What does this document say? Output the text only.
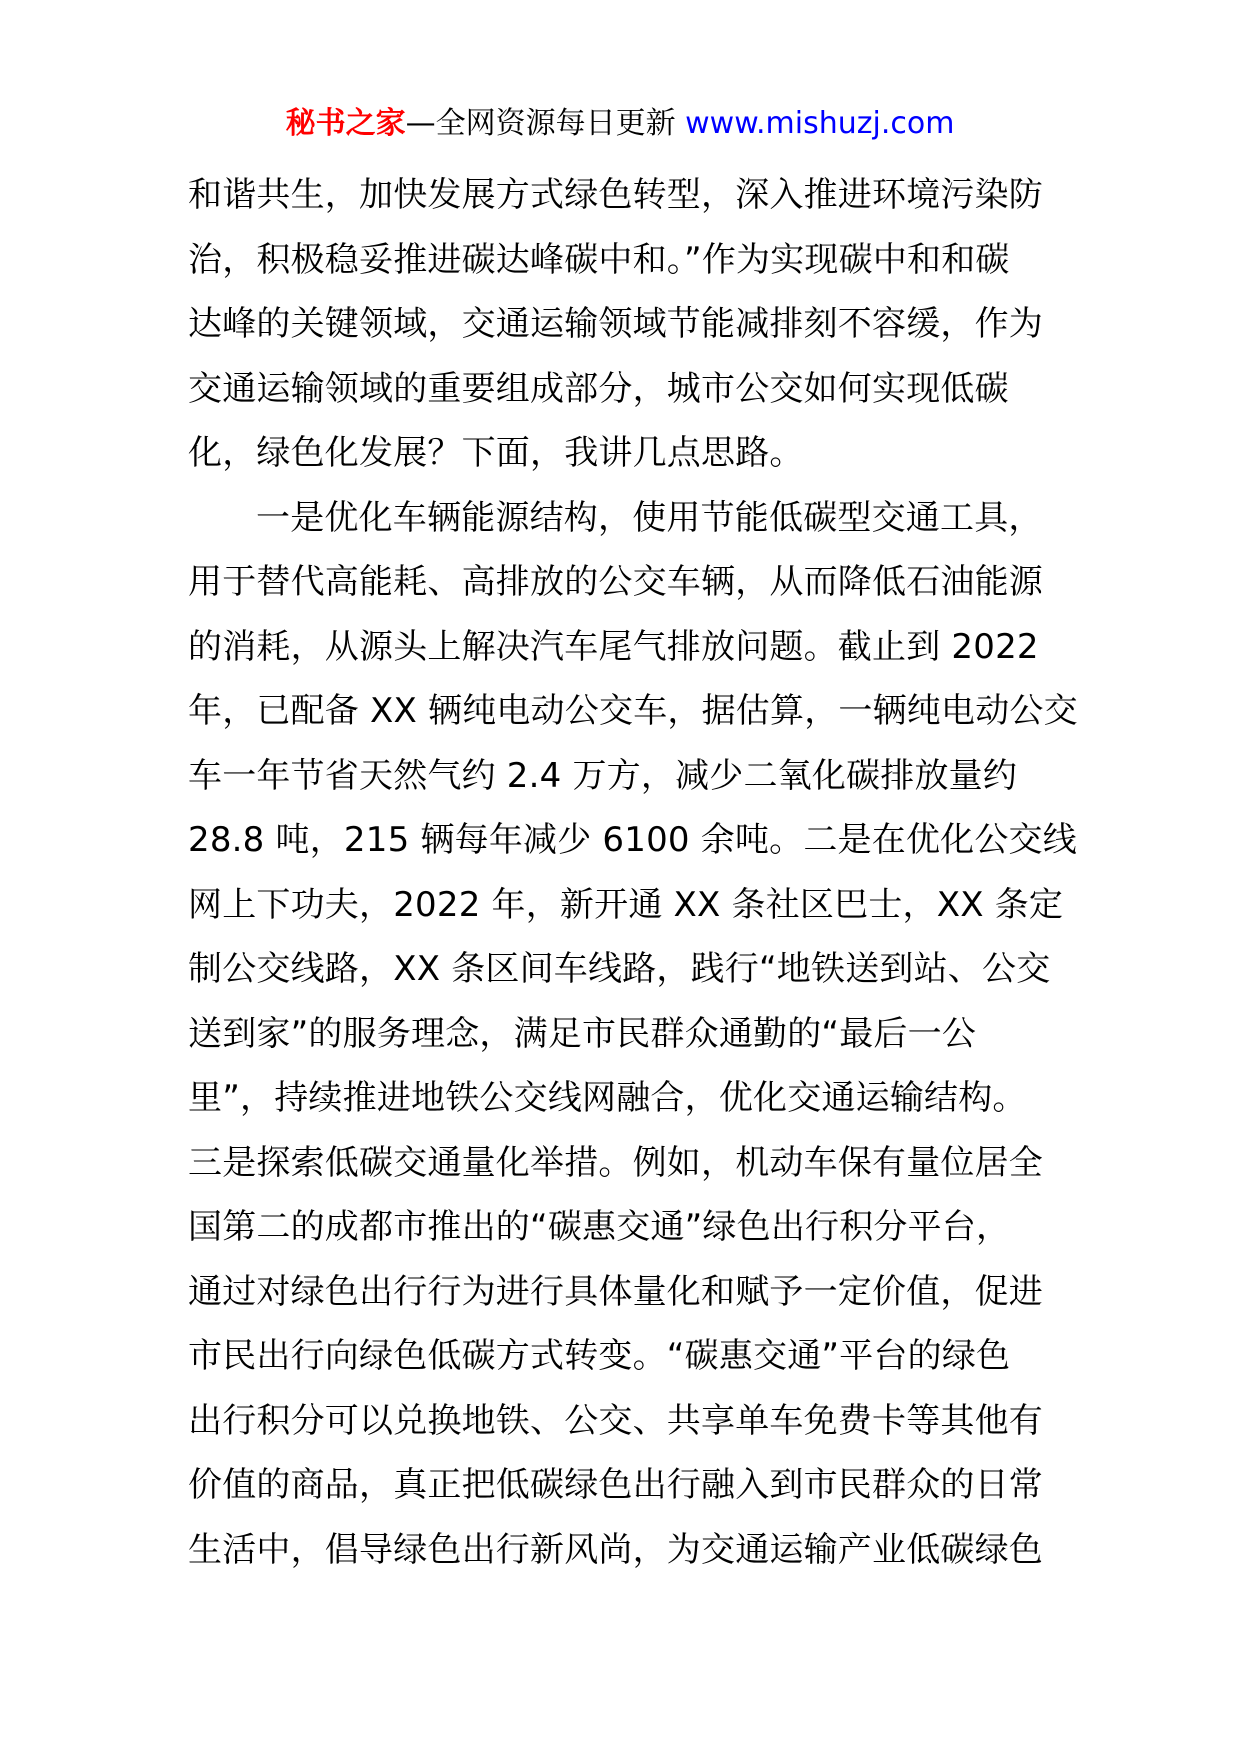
秘书之家—全网资源每日更新 www.mishuzj.com
和谐共生，加快发展方式绿色转型，深入推进环境污染防
治，积极稳妥推进碳达峰碳中和。”作为实现碳中和和碳
达峰的关键领域，交通运输领域节能减排刻不容缓，作为
交通运输领域的重要组成部分，城市公交如何实现低碳
化，绿色化发展？下面，我讲几点思路。
一是优化车辆能源结构，使用节能低碳型交通工具，
用于替代高能耗、高排放的公交车辆，从而降低石油能源
的消耗，从源头上解决汽车尾气排放问题。截止到 2022
年，已配备 XX 辆纯电动公交车，据估算，一辆纯电动公交
车一年节省天然气约 2.4 万方，减少二氧化碳排放量约
28.8 吨，215 辆每年减少 6100 余吨。二是在优化公交线
网上下功夫，2022 年，新开通 XX 条社区巴士，XX 条定
制公交线路，XX 条区间车线路，践行“地铁送到站、公交
送到家”的服务理念，满足市民群众通勤的“最后一公
里”，持续推进地铁公交线网融合，优化交通运输结构。
三是探索低碳交通量化举措。例如，机动车保有量位居全
国第二的成都市推出的“碳惠交通”绿色出行积分平台，
通过对绿色出行行为进行具体量化和赋予一定价值，促进
市民出行向绿色低碳方式转变。“碳惠交通”平台的绿色
出行积分可以兑换地铁、公交、共享单车免费卡等其他有
价值的商品，真正把低碳绿色出行融入到市民群众的日常
生活中，倡导绿色出行新风尚，为交通运输产业低碳绿色
